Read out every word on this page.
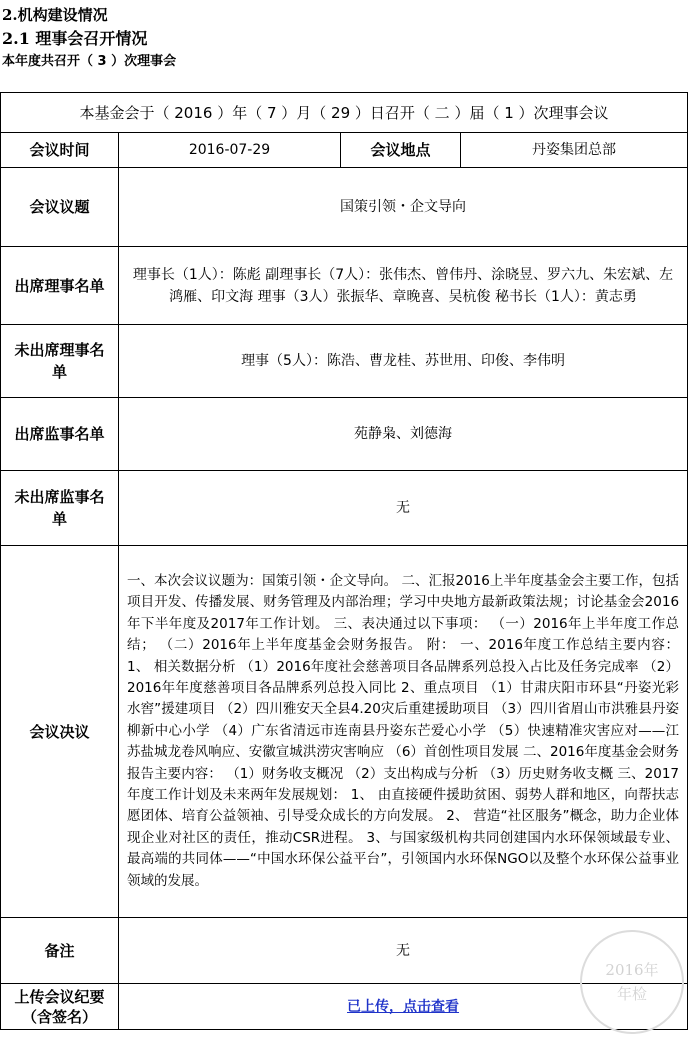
2.机构建设情况
2.1 理事会召开情况
本年度共召开（ 3 ）次理事会
本基金会于（ 2016 ）年（ 7 ）月（ 29 ）日召开（ 二 ）届（ 1 ）次理事会议			
会议时间	2016-07-29	会议地点	丹姿集团总部
会议议题	国策引领・企文导向		
出席理事名单	理事长（1人）：陈彪 副理事长（7人）：张伟杰、曾伟丹、涂晓昱、罗六九、朱宏斌、左鸿雁、印文海 理事（3人）张振华、章晚喜、吴杭俊 秘书长（1人）：黄志勇		
未出席理事名单	理事（5人）：陈浩、曹龙桂、苏世用、印俊、李伟明		
出席监事名单	苑静枭、刘德海		
未出席监事名单	无		
会议决议	一、本次会议议题为：国策引领・企文导向。 二、汇报2016上半年度基金会主要工作，包括项目开发、传播发展、财务管理及内部治理；学习中央地方最新政策法规；讨论基金会2016年下半年度及2017年工作计划。 三、表决通过以下事项： （一）2016年上半年度工作总结； （二）2016年上半年度基金会财务报告。 附： 一、2016年度工作总结主要内容： 1、 相关数据分析 （1）2016年度社会慈善项目各品牌系列总投入占比及任务完成率 （2）2016年年度慈善项目各品牌系列总投入同比 2、重点项目 （1）甘肃庆阳市环县“丹姿光彩水窖”援建项目 （2）四川雅安天全县4.20灾后重建援助项目 （3）四川省眉山市洪雅县丹姿柳新中心小学 （4）广东省清远市连南县丹姿东芒爱心小学 （5）快速精准灾害应对——江苏盐城龙卷风响应、安徽宣城洪涝灾害响应 （6）首创性项目发展 二、2016年度基金会财务报告主要内容： （1）财务收支概况 （2）支出构成与分析 （3）历史财务收支概 三、2017年度工作计划及未来两年发展规划： 1、 由直接硬件援助贫困、弱势人群和地区，向帮扶志愿团体、培育公益领袖、引导受众成长的方向发展。 2、 营造“社区服务”概念，助力企业体现企业对社区的责任，推动CSR进程。 3、与国家级机构共同创建国内水环保领域最专业、最高端的共同体——“中国水环保公益平台”，引领国内水环保NGO以及整个水环保公益事业领域的发展。		
备注	无		
上传会议纪要（含签名）	已上传，点击查看		
2016年
年检
